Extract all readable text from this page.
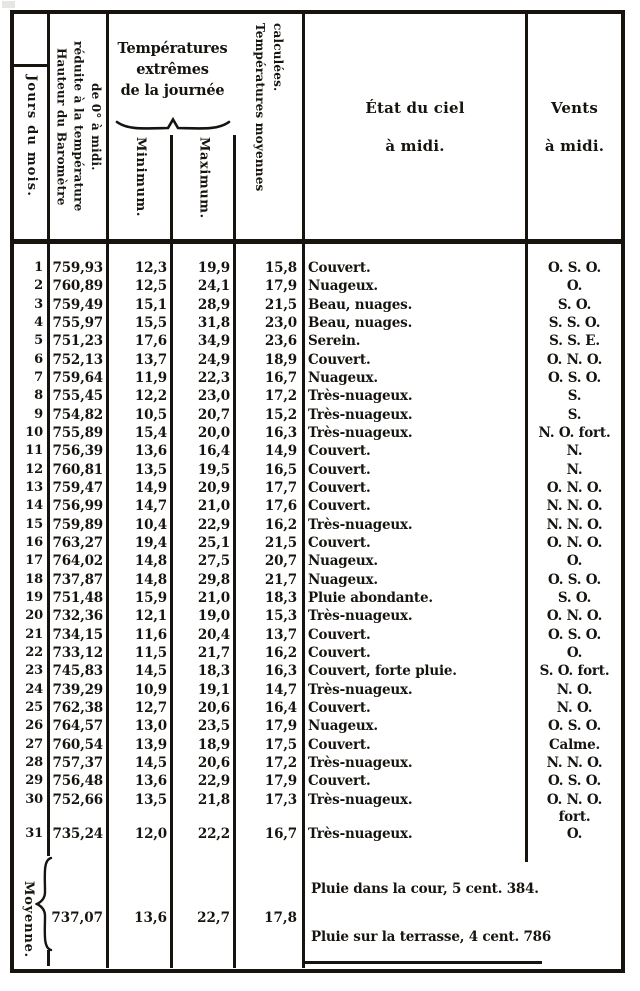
Jours du mois. Hauteur du Baromètre réduite à la température de 0° à midi.
Températures
extrêmes
de la journée
Minimum.	Maximum.	Températures moyennes calculées.
État du ciel
à midi.
Vents
à midi.
1 759,93	12,3	19,9	15,8 Couvert.	O. S. O.
2 760,89	12,5	24,1	17,9 Nuageux.	O.
3 759,49	15,1	28,9	21,5 Beau, nuages.	S. O.
4 755,97	15,5	31,8	23,0 Beau, nuages.	S. S. O.
5 751,23	17,6	34,9	23,6 Serein.	S. S. E.
6 752,13	13,7	24,9	18,9 Couvert.	O. N. O.
7 759,64	11,9	22,3	16,7 Nuageux.	O. S. O.
8 755,45	12,2	23,0	17,2 Très-nuageux.	S.
9 754,82	10,5	20,7	15,2 Très-nuageux.	S.
10 755,89	15,4	20,0	16,3 Très-nuageux.	N. O. fort.
11 756,39	13,6	16,4	14,9 Couvert.	N.
12 760,81	13,5	19,5	16,5 Couvert.	N.
13 759,47	14,9	20,9	17,7 Couvert.	O. N. O.
14 756,99	14,7	21,0	17,6 Couvert.	N. N. O.
15 759,89	10,4	22,9	16,2 Très-nuageux.	N. N. O.
16 763,27	19,4	25,1	21,5 Couvert.	O. N. O.
17 764,02	14,8	27,5	20,7 Nuageux.	O.
18 737,87	14,8	29,8	21,7 Nuageux.	O. S. O.
19 751,48	15,9	21,0	18,3 Pluie abondante.	S. O.
20 732,36	12,1	19,0	15,3 Très-nuageux.	O. N. O.
21 734,15	11,6	20,4	13,7 Couvert.	O. S. O.
22 733,12	11,5	21,7	16,2 Couvert.	O.
23 745,83	14,5	18,3	16,3 Couvert, forte pluie.	S. O. fort.
24 739,29	10,9	19,1	14,7 Très-nuageux.	N. O.
25 762,38	12,7	20,6	16,4 Couvert.	N. O.
26 764,57	13,0	23,5	17,9 Nuageux.	O. S. O.
27 760,54	13,9	18,9	17,5 Couvert.	Calme.
28 757,37	14,5	20,6	17,2 Très-nuageux.	N. N. O.
29 756,48	13,6	22,9	17,9 Couvert.	O. S. O.
30 752,66	13,5	21,8	17,3 Très-nuageux.	O. N. O.
fort.
31 735,24	12,0	22,2	16,7 Très-nuageux.	O.
Moyenne. 737,07	13,6	22,7	17,8
Pluie dans la cour, 5 cent. 384.
Pluie sur la terrasse, 4 cent. 786
